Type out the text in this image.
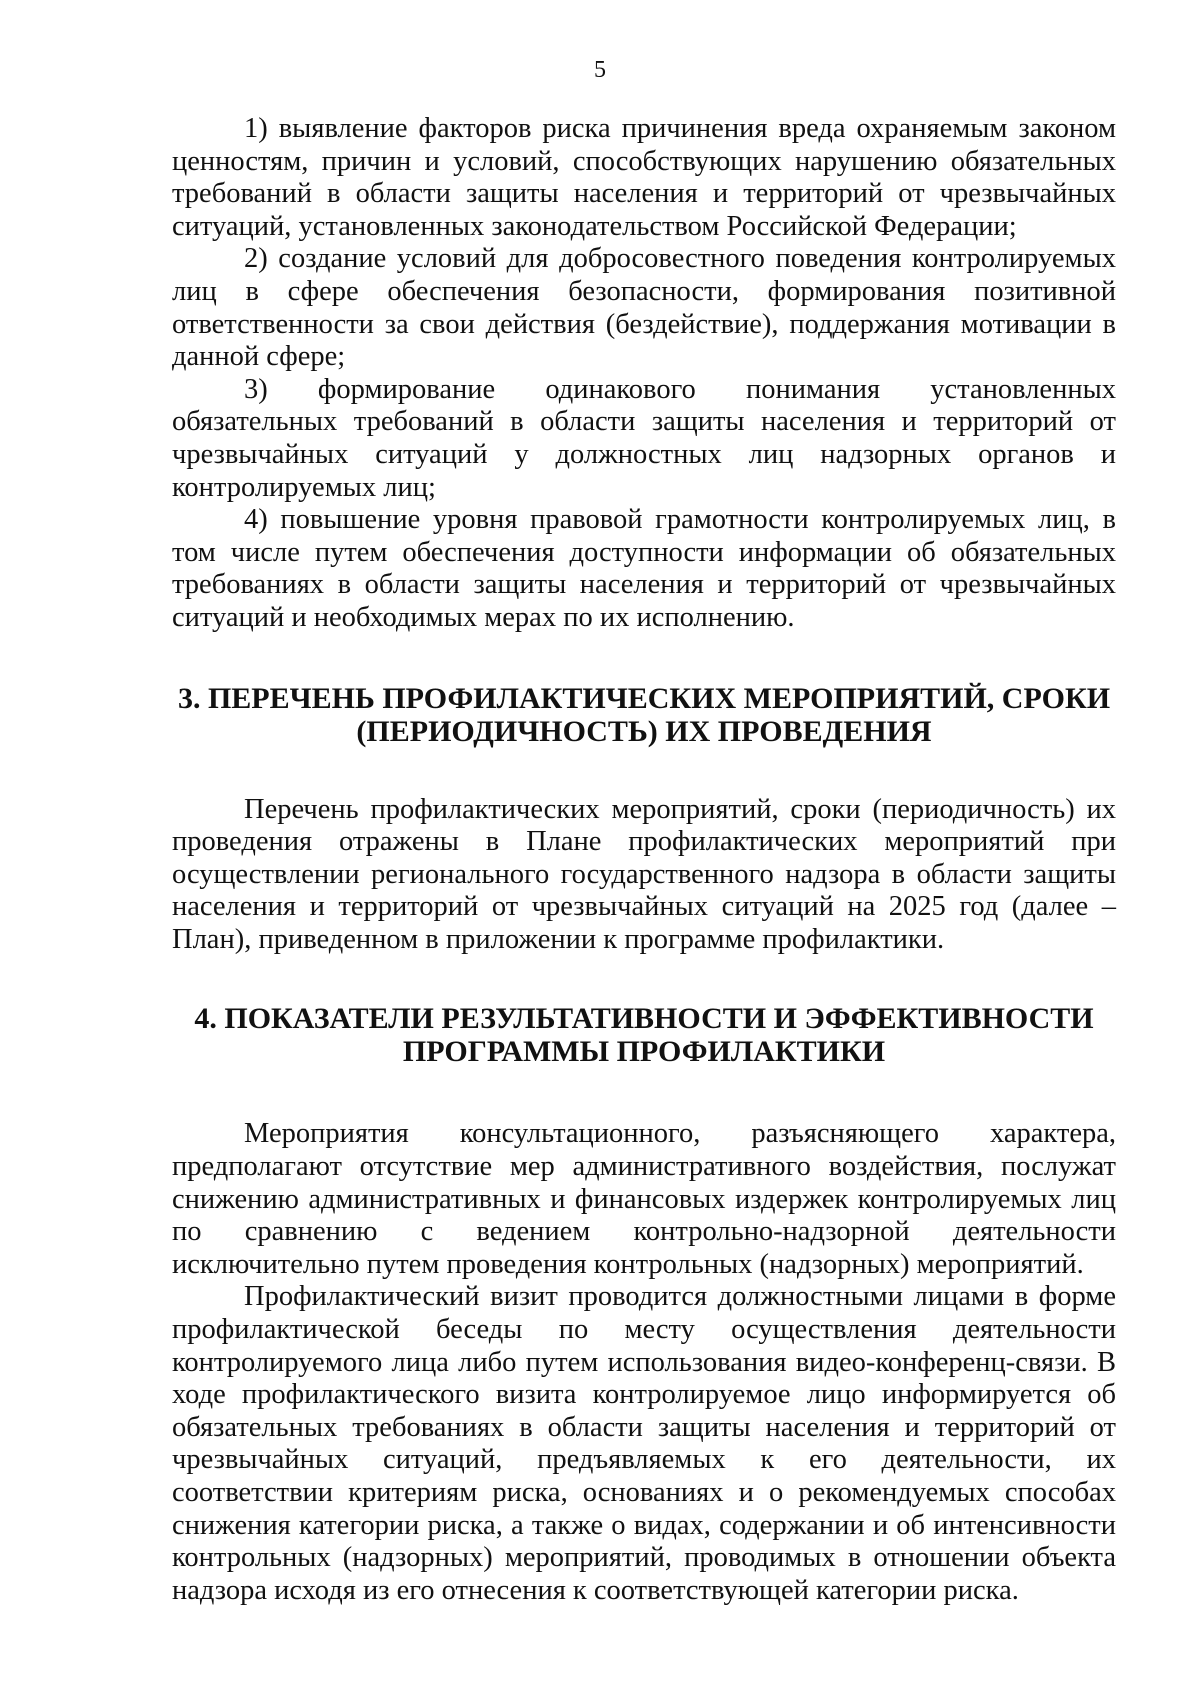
5

1) выявление факторов риска причинения вреда охраняемым законом ценностям, причин и условий, способствующих нарушению обязательных требований в области защиты населения и территорий от чрезвычайных ситуаций, установленных законодательством Российской Федерации;

2) создание условий для добросовестного поведения контролируемых лиц в сфере обеспечения безопасности, формирования позитивной ответственности за свои действия (бездействие), поддержания мотивации в данной сфере;

3) формирование одинакового понимания установленных обязательных требований в области защиты населения и территорий от чрезвычайных ситуаций у должностных лиц надзорных органов и контролируемых лиц;

4) повышение уровня правовой грамотности контролируемых лиц, в том числе путем обеспечения доступности информации об обязательных требованиях в области защиты населения и территорий от чрезвычайных ситуаций и необходимых мерах по их исполнению.

3. ПЕРЕЧЕНЬ ПРОФИЛАКТИЧЕСКИХ МЕРОПРИЯТИЙ, СРОКИ (ПЕРИОДИЧНОСТЬ) ИХ ПРОВЕДЕНИЯ

Перечень профилактических мероприятий, сроки (периодичность) их проведения отражены в Плане профилактических мероприятий при осуществлении регионального государственного надзора в области защиты населения и территорий от чрезвычайных ситуаций на 2025 год (далее – План), приведенном в приложении к программе профилактики.

4. ПОКАЗАТЕЛИ РЕЗУЛЬТАТИВНОСТИ И ЭФФЕКТИВНОСТИ ПРОГРАММЫ ПРОФИЛАКТИКИ

Мероприятия консультационного, разъясняющего характера, предполагают отсутствие мер административного воздействия, послужат снижению административных и финансовых издержек контролируемых лиц по сравнению с ведением контрольно-надзорной деятельности исключительно путем проведения контрольных (надзорных) мероприятий.

Профилактический визит проводится должностными лицами в форме профилактической беседы по месту осуществления деятельности контролируемого лица либо путем использования видео-конференц-связи. В ходе профилактического визита контролируемое лицо информируется об обязательных требованиях в области защиты населения и территорий от чрезвычайных ситуаций, предъявляемых к его деятельности, их соответствии критериям риска, основаниях и о рекомендуемых способах снижения категории риска, а также о видах, содержании и об интенсивности контрольных (надзорных) мероприятий, проводимых в отношении объекта надзора исходя из его отнесения к соответствующей категории риска.
